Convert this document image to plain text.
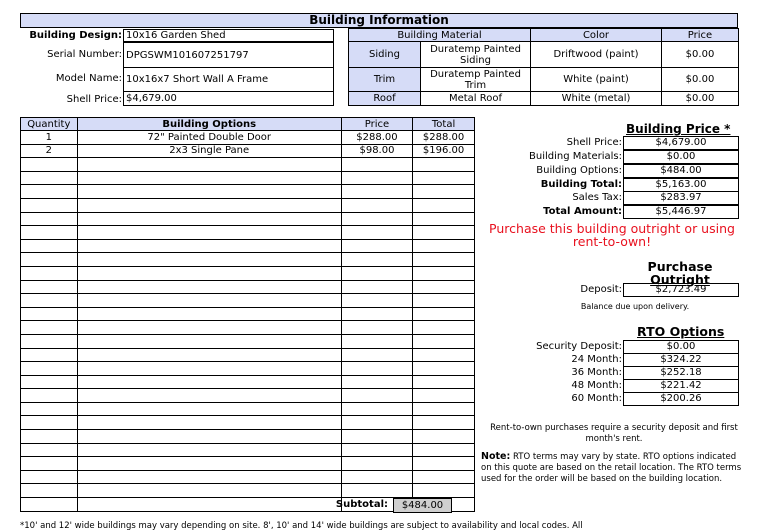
Building Information
Building Design: 10x16 Garden Shed
Serial Number: DPGSWM101607251797
Model Name: 10x16x7 Short Wall A Frame
Shell Price: $4,679.00
Building Material	Color	Price
Siding	Duratemp Painted Siding	Driftwood (paint)	$0.00
Trim	Duratemp Painted Trim	White (paint)	$0.00
Roof	Metal Roof	White (metal)	$0.00
Quantity	Building Options	Price	Total
1	72" Painted Double Door	$288.00	$288.00
2	2x3 Single Pane	$98.00	$196.00

Subtotal:	$484.00
Building Price *
Shell Price:	$4,679.00
Building Materials:	$0.00
Building Options:	$484.00
Building Total:	$5,163.00
Sales Tax:	$283.97
Total Amount:	$5,446.97
Purchase this building outright or using rent-to-own!
Purchase
Outright
Deposit:	$2,723.49
Balance due upon delivery.
RTO Options
Security Deposit:	$0.00
24 Month:	$324.22
36 Month:	$252.18
48 Month:	$221.42
60 Month:	$200.26
Rent-to-own purchases require a security deposit and first month's rent.
Note: RTO terms may vary by state. RTO options indicated on this quote are based on the retail location. The RTO terms used for the order will be based on the building location.
*10' and 12' wide buildings may vary depending on site. 8', 10' and 14' wide buildings are subject to availability and local codes. All
